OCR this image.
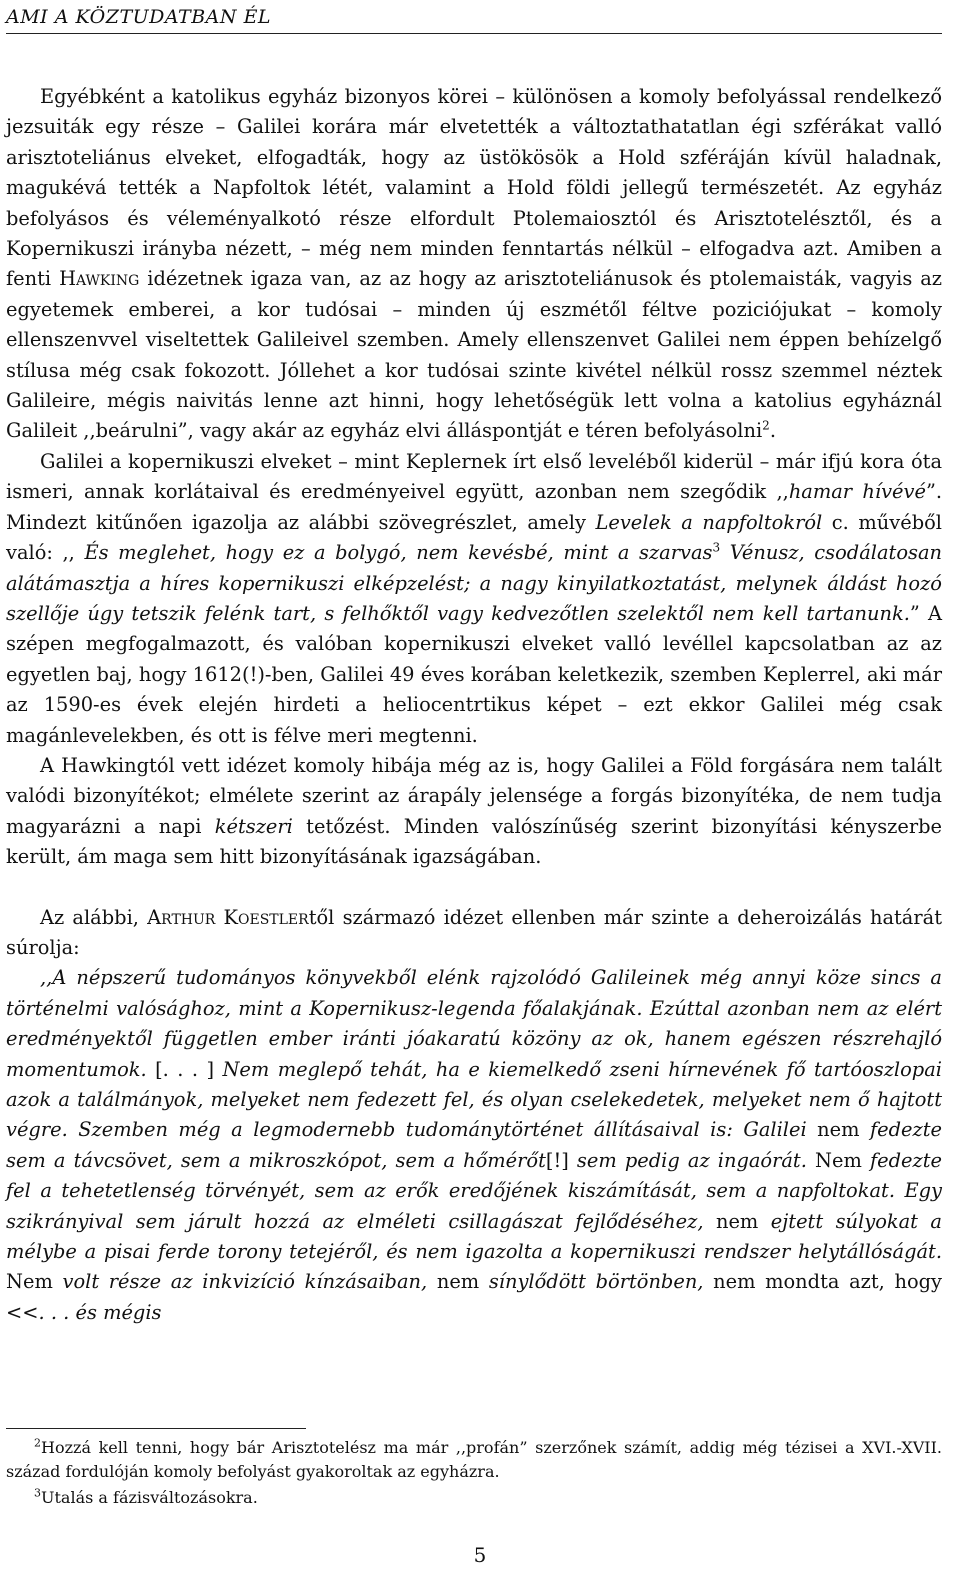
AMI A KÖZTUDATBAN ÉL

Egyébként a katolikus egyház bizonyos körei – különösen a komoly befolyással rendelkező jezsuiták egy része – Galilei korára már elvetették a változtathatatlan égi szférákat valló arisztoteliánus elveket, elfogadták, hogy az üstökösök a Hold szféráján kívül haladnak, magukévá tették a Napfoltok létét, valamint a Hold földi jellegű természetét. Az egyház befolyásos és véleményalkotó része elfordult Ptolemaiosztól és Arisztotelésztől, és a Kopernikuszi irányba nézett, – még nem minden fenntartás nélkül – elfogadva azt. Amiben a fenti Hawking idézetnek igaza van, az az hogy az arisztoteliánusok és ptolemaisták, vagyis az egyetemek emberei, a kor tudósai – minden új eszmétől féltve poziciójukat – komoly ellenszenvvel viseltettek Galileivel szemben. Amely ellenszenvet Galilei nem éppen behízelgő stílusa még csak fokozott. Jóllehet a kor tudósai szinte kivétel nélkül rossz szemmel néztek Galileire, mégis naivitás lenne azt hinni, hogy lehetőségük lett volna a katolius egyháznál Galileit ,,beárulni”, vagy akár az egyház elvi álláspontját e téren befolyásolni$^2$.

Galilei a kopernikuszi elveket – mint Keplernek írt első leveléből kiderül – már ifjú kora óta ismeri, annak korlátaival és eredményeivel együtt, azonban nem szegődik ,,hamar hívévé”. Mindezt kitűnően igazolja az alábbi szövegrészlet, amely Levelek a napfoltokról c. művéből való: ,, És meglehet, hogy ez a bolygó, nem kevésbé, mint a szarvas$^3$ Vénusz, csodálatosan alátámasztja a híres kopernikuszi elképzelést; a nagy kinyilatkoztatást, melynek áldást hozó szellője úgy tetszik felénk tart, s felhőktől vagy kedvezőtlen szelektől nem kell tartanunk.” A szépen megfogalmazott, és valóban kopernikuszi elveket valló levéllel kapcsolatban az az egyetlen baj, hogy 1612(!)-ben, Galilei 49 éves korában keletkezik, szemben Keplerrel, aki már az 1590-es évek elején hirdeti a heliocentrtikus képet – ezt ekkor Galilei még csak magánlevelekben, és ott is félve meri megtenni.

A Hawkingtól vett idézet komoly hibája még az is, hogy Galilei a Föld forgására nem talált valódi bizonyítékot; elmélete szerint az árapály jelensége a forgás bizonyítéka, de nem tudja magyarázni a napi kétszeri tetőzést. Minden valószínűség szerint bizonyítási kényszerbe került, ám maga sem hitt bizonyításának igazságában.

Az alábbi, Arthur Koestlertől származó idézet ellenben már szinte a deheroizálás határát súrolja:

,,A népszerű tudományos könyvekből elénk rajzolódó Galileinek még annyi köze sincs a történelmi valósághoz, mint a Kopernikusz-legenda főalakjának. Ezúttal azonban nem az elért eredményektől független ember iránti jóakaratú közöny az ok, hanem egészen részrehajló momentumok. [. . . ] Nem meglepő tehát, ha e kiemelkedő zseni hírnevének fő tartóoszlopai azok a találmányok, melyeket nem fedezett fel, és olyan cselekedetek, melyeket nem ő hajtott végre. Szemben még a legmodernebb tudománytörténet állításaival is: Galilei nem fedezte sem a távcsövet, sem a mikroszkópot, sem a hőmérőt[!] sem pedig az ingaórát. Nem fedezte fel a tehetetlenség törvényét, sem az erők eredőjének kiszámítását, sem a napfoltokat. Egy szikrányival sem járult hozzá az elméleti csillagászat fejlődéséhez, nem ejtett súlyokat a mélybe a pisai ferde torony tetejéről, és nem igazolta a kopernikuszi rendszer helytállóságát. Nem volt része az inkvizíció kínzásaiban, nem sínylődött börtönben, nem mondta azt, hogy <<. . . és mégis

$^2$Hozzá kell tenni, hogy bár Arisztotelész ma már ,,profán” szerzőnek számít, addig még tézisei a XVI.-XVII. század fordulóján komoly befolyást gyakoroltak az egyházra.
$^3$Utalás a fázisváltozásokra.
5
